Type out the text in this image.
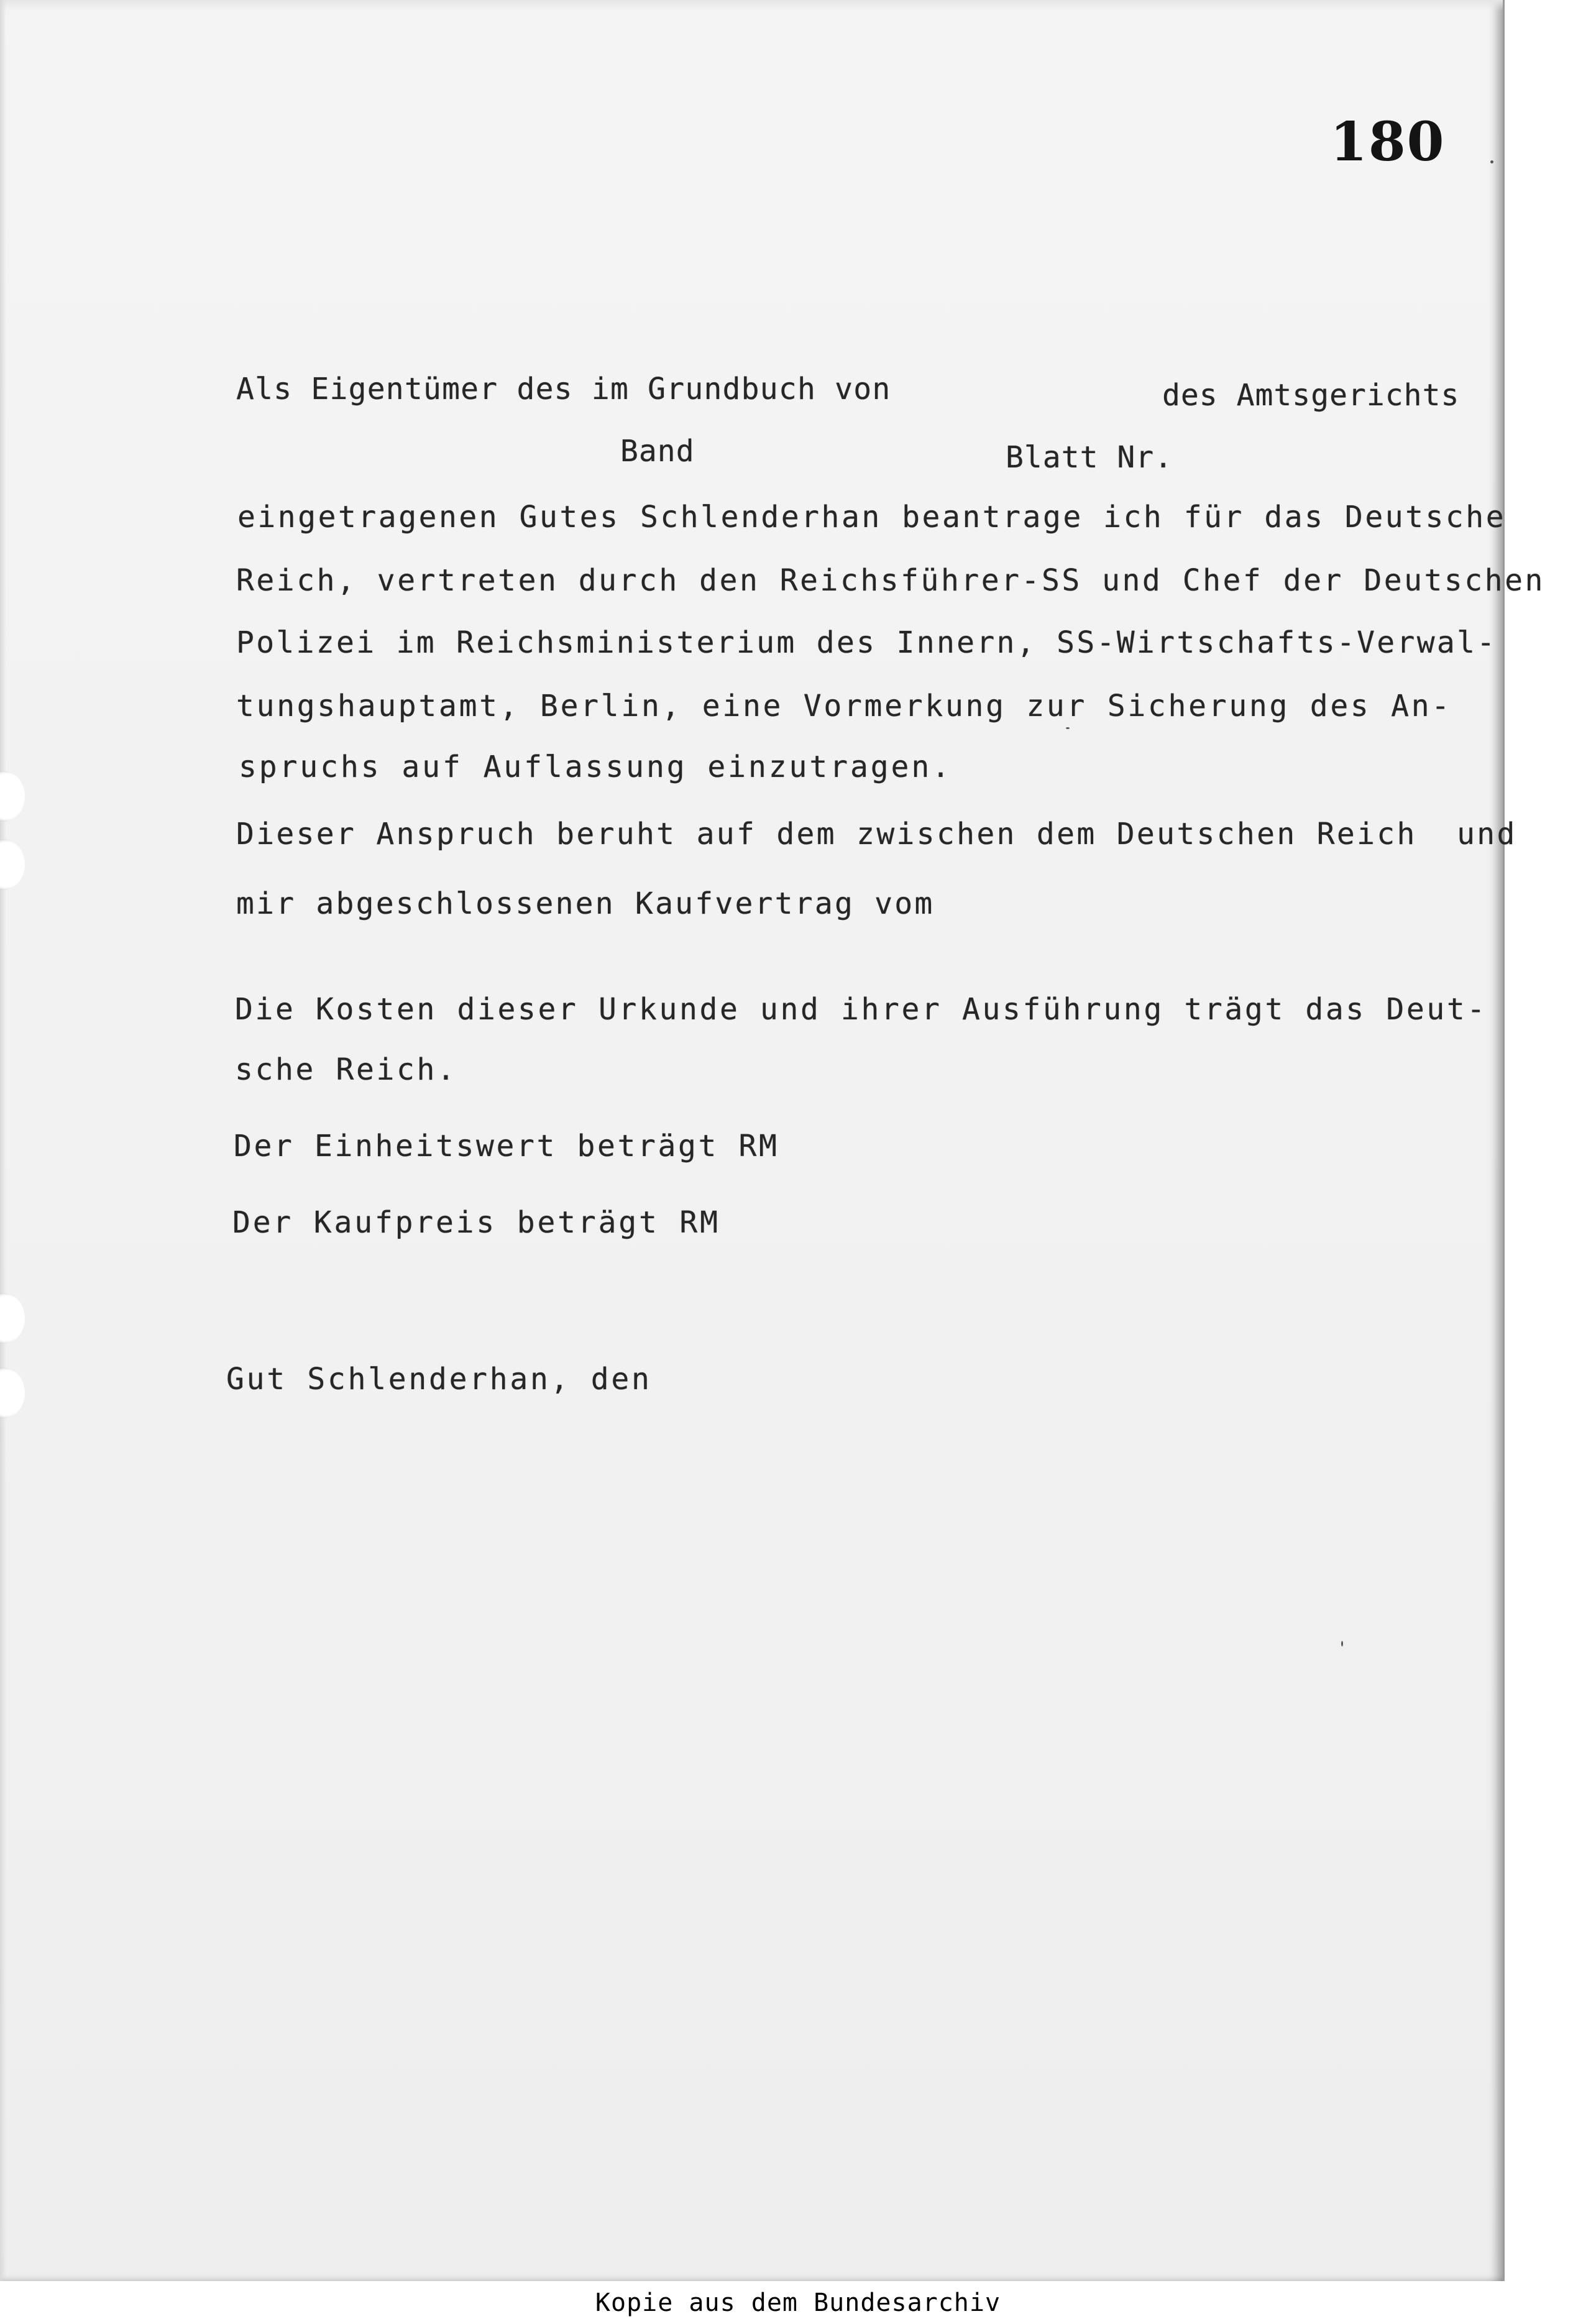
180
Als Eigentümer des im Grundbuch von	des Amtsgerichts
Band	Blatt Nr.
eingetragenen Gutes Schlenderhan beantrage ich für das Deutsche
Reich, vertreten durch den Reichsführer-SS und Chef der Deutschen
Polizei im Reichsministerium des Innern, SS-Wirtschafts-Verwal-
tungshauptamt, Berlin, eine Vormerkung zur Sicherung des An-
spruchs auf Auflassung einzutragen.
Dieser Anspruch beruht auf dem zwischen dem Deutschen Reich  und
mir abgeschlossenen Kaufvertrag vom
Die Kosten dieser Urkunde und ihrer Ausführung trägt das Deut-
sche Reich.
Der Einheitswert beträgt RM
Der Kaufpreis beträgt RM
Gut Schlenderhan, den
Kopie aus dem Bundesarchiv
